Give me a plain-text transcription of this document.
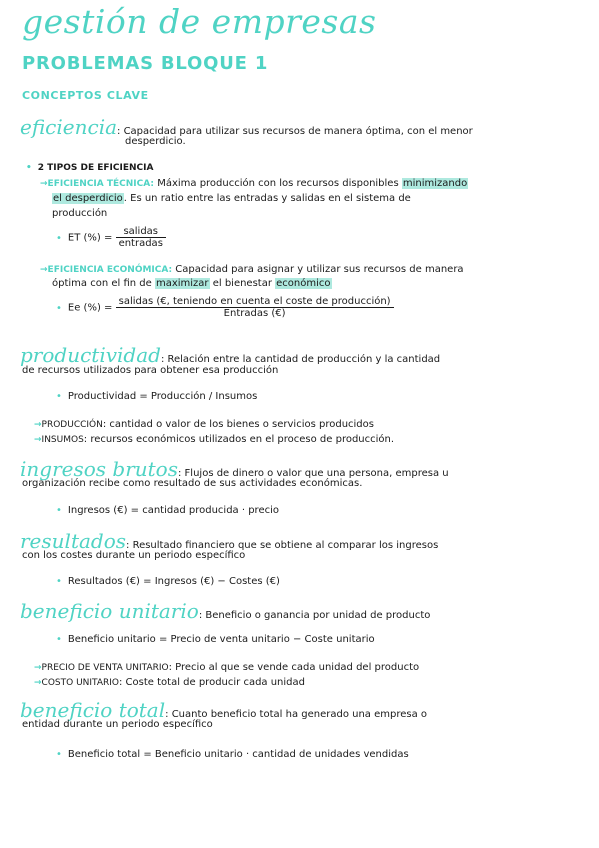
gestión de empresas
PROBLEMAS BLOQUE 1
CONCEPTOS CLAVE
eficiencia: Capacidad para utilizar sus recursos de manera óptima, con el menor
desperdicio.
• 2 TIPOS DE EFICIENCIA
→EFICIENCIA TÉCNICA: Máxima producción con los recursos disponibles minimizando
el desperdicio. Es un ratio entre las entradas y salidas en el sistema de
producción
• ET (%) = $\frac{\text{salidas}}{\text{entradas}}$
→EFICIENCIA ECONÓMICA: Capacidad para asignar y utilizar sus recursos de manera
óptima con el fin de maximizar el bienestar económico
• Ee (%) = $\frac{\text{salidas (€, teniendo en cuenta el coste de producción)}}{\text{Entradas (€)}}$
productividad: Relación entre la cantidad de producción y la cantidad
de recursos utilizados para obtener esa producción
• Productividad = Producción / Insumos
→PRODUCCIÓN: cantidad o valor de los bienes o servicios producidos
→INSUMOS: recursos económicos utilizados en el proceso de producción.
ingresos brutos: Flujos de dinero o valor que una persona, empresa u
organización recibe como resultado de sus actividades económicas.
• Ingresos (€) = cantidad producida · precio
resultados: Resultado financiero que se obtiene al comparar los ingresos
con los costes durante un periodo específico
• Resultados (€) = Ingresos (€) − Costes (€)
beneficio unitario: Beneficio o ganancia por unidad de producto
• Beneficio unitario = Precio de venta unitario − Coste unitario
→PRECIO DE VENTA UNITARIO: Precio al que se vende cada unidad del producto
→COSTO UNITARIO: Coste total de producir cada unidad
beneficio total: Cuanto beneficio total ha generado una empresa o
entidad durante un periodo específico
• Beneficio total = Beneficio unitario · cantidad de unidades vendidas
